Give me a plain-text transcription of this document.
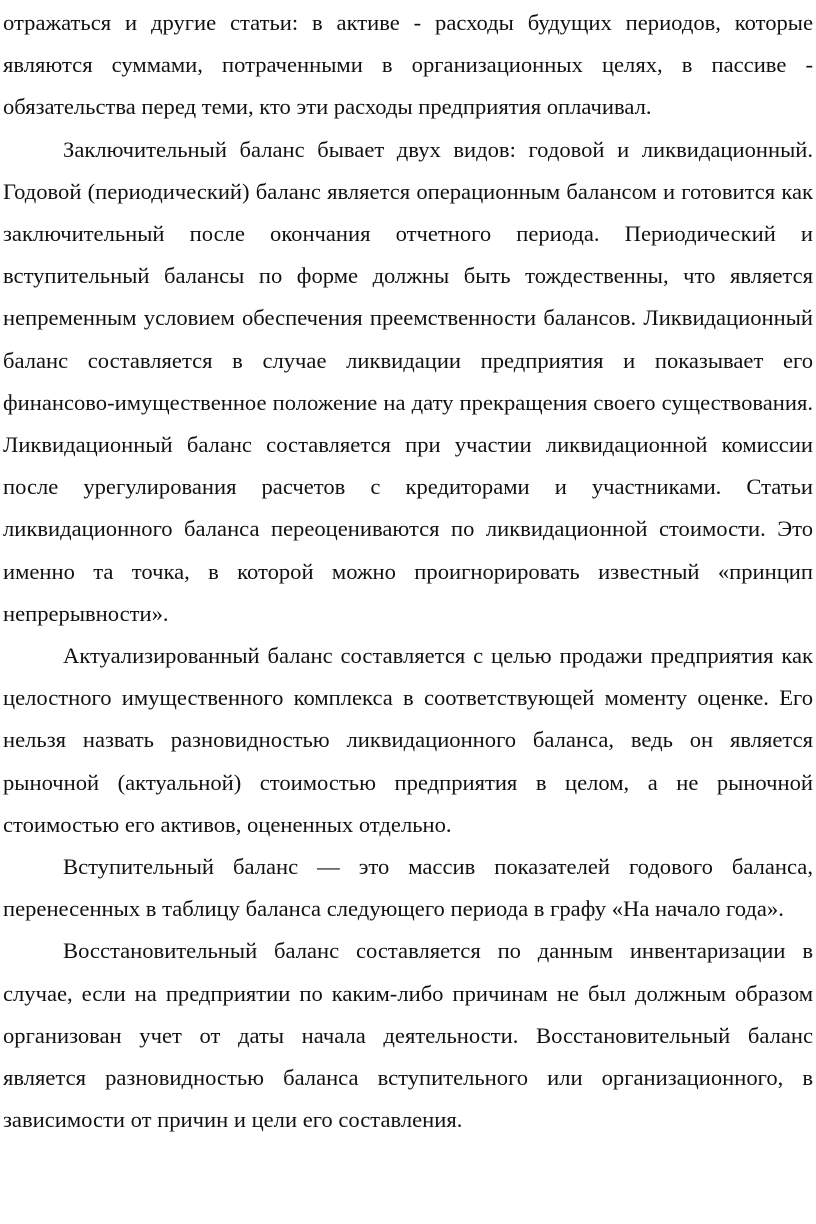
отражаться и другие статьи: в активе - расходы будущих периодов, которые являются суммами, потраченными в организационных целях, в пассиве - обязательства перед теми, кто эти расходы предприятия оплачивал.

Заключительный баланс бывает двух видов: годовой и ликвидационный. Годовой (периодический) баланс является операционным балансом и готовится как заключительный после окончания отчетного периода. Периодический и вступительный балансы по форме должны быть тождественны, что является непременным условием обеспечения преемственности балансов. Ликвидационный баланс составляется в случае ликвидации предприятия и показывает его финансово-имущественное положение на дату прекращения своего существования. Ликвидационный баланс составляется при участии ликвидационной комиссии после урегулирования расчетов с кредиторами и участниками. Статьи ликвидационного баланса переоцениваются по ликвидационной стоимости. Это именно та точка, в которой можно проигнорировать известный «принцип непрерывности».

Актуализированный баланс составляется с целью продажи предприятия как целостного имущественного комплекса в соответствующей моменту оценке. Его нельзя назвать разновидностью ликвидационного баланса, ведь он является рыночной (актуальной) стоимостью предприятия в целом, а не рыночной стоимостью его активов, оцененных отдельно.

Вступительный баланс — это массив показателей годового баланса, перенесенных в таблицу баланса следующего периода в графу «На начало года».

Восстановительный баланс составляется по данным инвентаризации в случае, если на предприятии по каким-либо причинам не был должным образом организован учет от даты начала деятельности. Восстановительный баланс является разновидностью баланса вступительного или организационного, в зависимости от причин и цели его составления.
